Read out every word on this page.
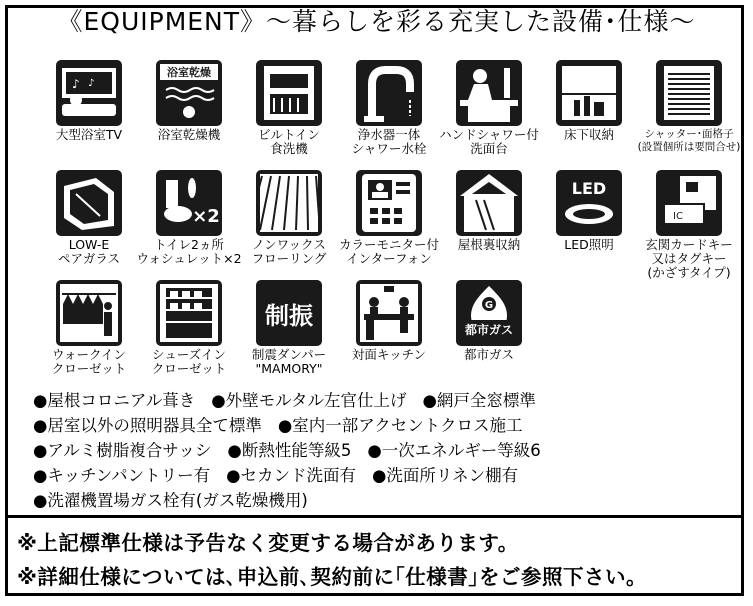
《EQUIPMENT》〜暮らしを彩る充実した設備･仕様〜
♪ ♪
大型浴室TV
浴室乾燥
浴室乾燥機	ビルトイン
食洗機
浄水器一体
シャワー水栓
ハンドシャワー付
洗面台
床下収納	シャッター･面格子
(設置個所は要問合せ)
LOW-E
ペアガラス
×2
トイレ2ヵ所
ウォシュレット×2
ノンワックス
フローリング
カラーモニター付
インターフォン
屋根裏収納
LED
LED照明
IC
玄関カードキー
又はタグキー
(かざすタイプ)
ウォークイン
クローゼット
シューズイン
クローゼット
制振
制震ダンパー
"MAMORY"
対面キッチン
G
都市ガス
都市ガス
●屋根コロニアル葺き ●外壁モルタル左官仕上げ ●網戸全窓標準
●居室以外の照明器具全て標準 ●室内一部アクセントクロス施工
●アルミ樹脂複合サッシ ●断熱性能等級5 ●一次エネルギー等級6
●キッチンパントリー有 ●セカンド洗面有 ●洗面所リネン棚有
●洗濯機置場ガス栓有(ガス乾燥機用)
※上記標準仕様は予告なく変更する場合があります。
※詳細仕様については､申込前､契約前に｢仕様書｣をご参照下さい。
